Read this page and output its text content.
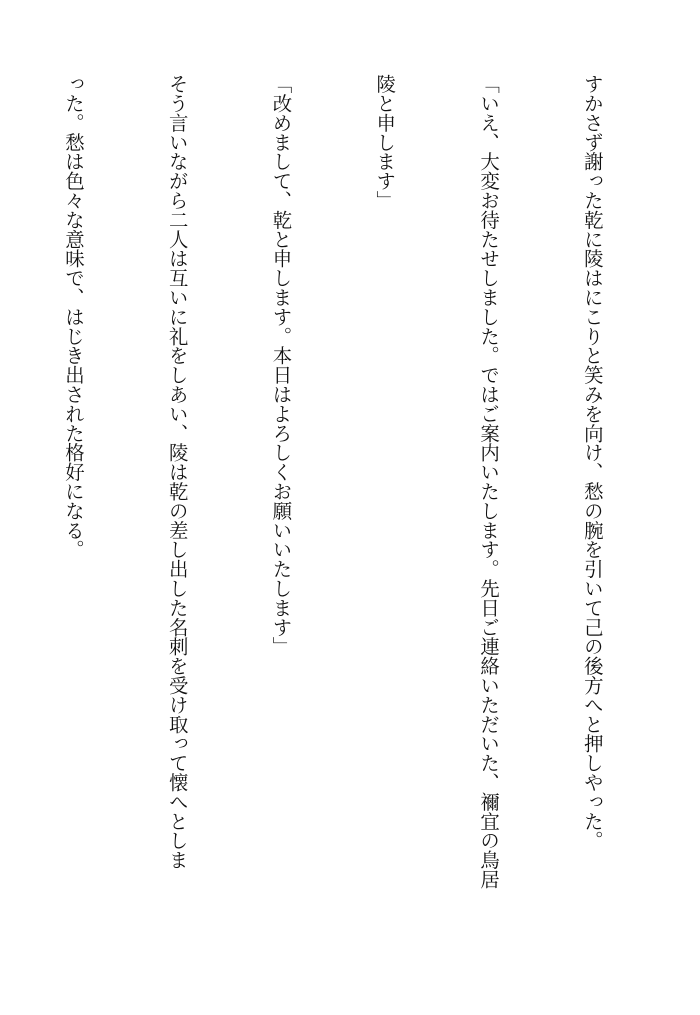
すかさず謝った乾に陵はにこりと笑みを向け、愁の腕を引いて己の後方へと押しやった。

「いえ、大変お待たせしました。ではご案内いたします。先日ご連絡いただいた、禰宜の鳥居

陵と申します」

「改めまして、乾と申します。本日はよろしくお願いいたします」

そう言いながら二人は互いに礼をしあい、陵は乾の差し出した名刺を受け取って懐へとしま

った。愁は色々な意味で、はじき出された格好になる。
